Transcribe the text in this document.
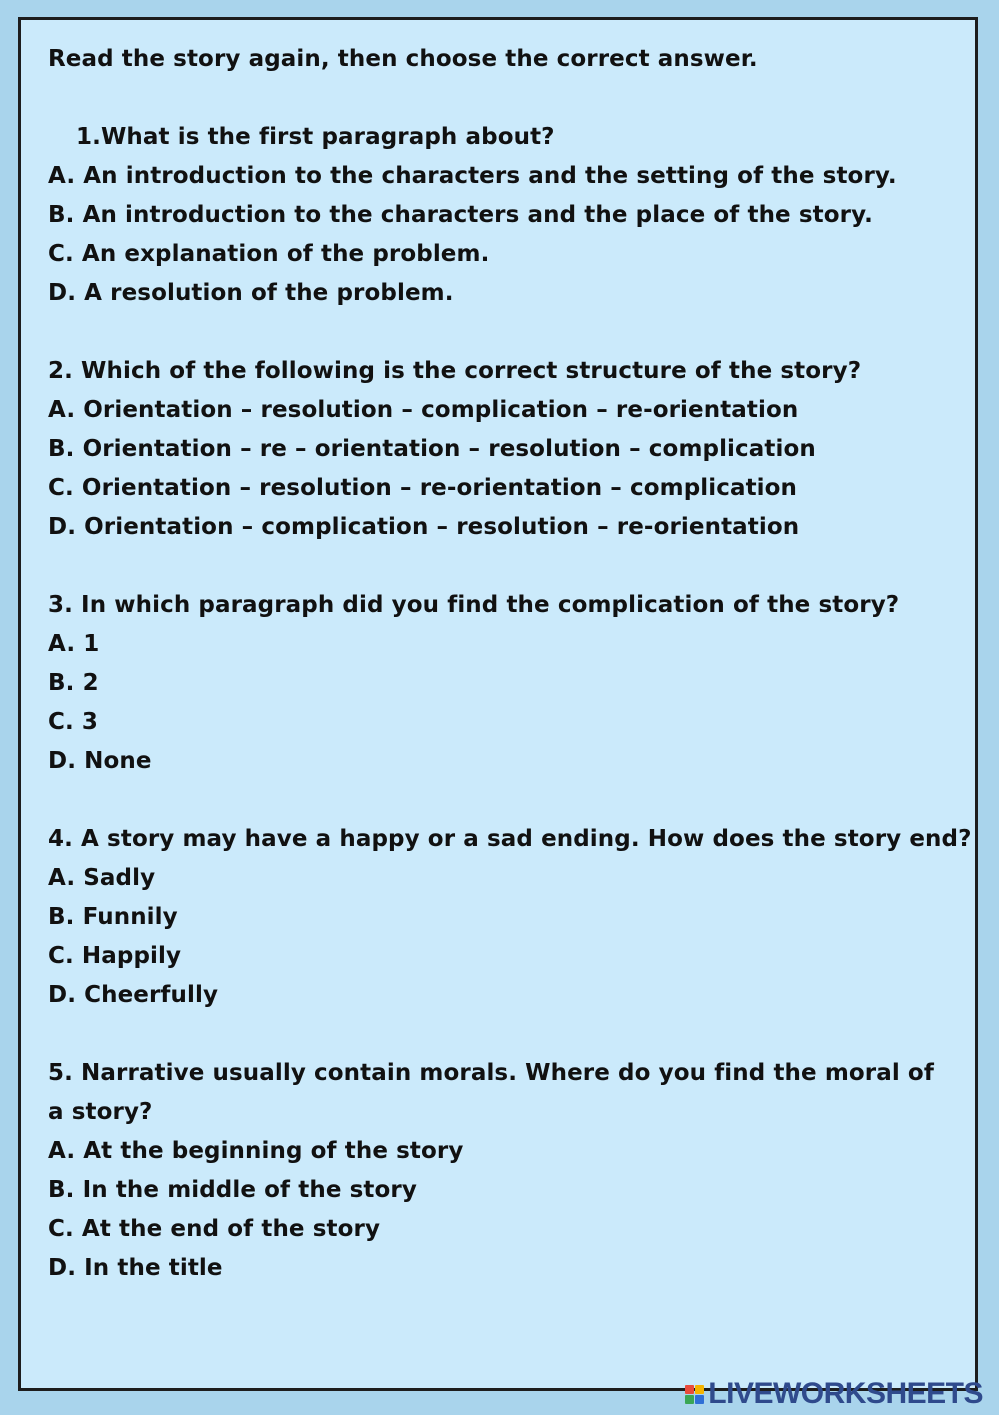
Read the story again, then choose the correct answer.
1.What is the first paragraph about?
A. An introduction to the characters and the setting of the story.
B. An introduction to the characters and the place of the story.
C. An explanation of the problem.
D. A resolution of the problem.
2. Which of the following is the correct structure of the story?
A. Orientation – resolution – complication – re-orientation
B. Orientation – re – orientation – resolution – complication
C. Orientation – resolution – re-orientation – complication
D. Orientation – complication – resolution – re-orientation
3. In which paragraph did you find the complication of the story?
A. 1
B. 2
C. 3
D. None
4. A story may have a happy or a sad ending. How does the story end?
A. Sadly
B. Funnily
C. Happily
D. Cheerfully
5. Narrative usually contain morals. Where do you find the moral of a story?
A. At the beginning of the story
B. In the middle of the story
C. At the end of the story
D. In the title
LIVEWORKSHEETS
